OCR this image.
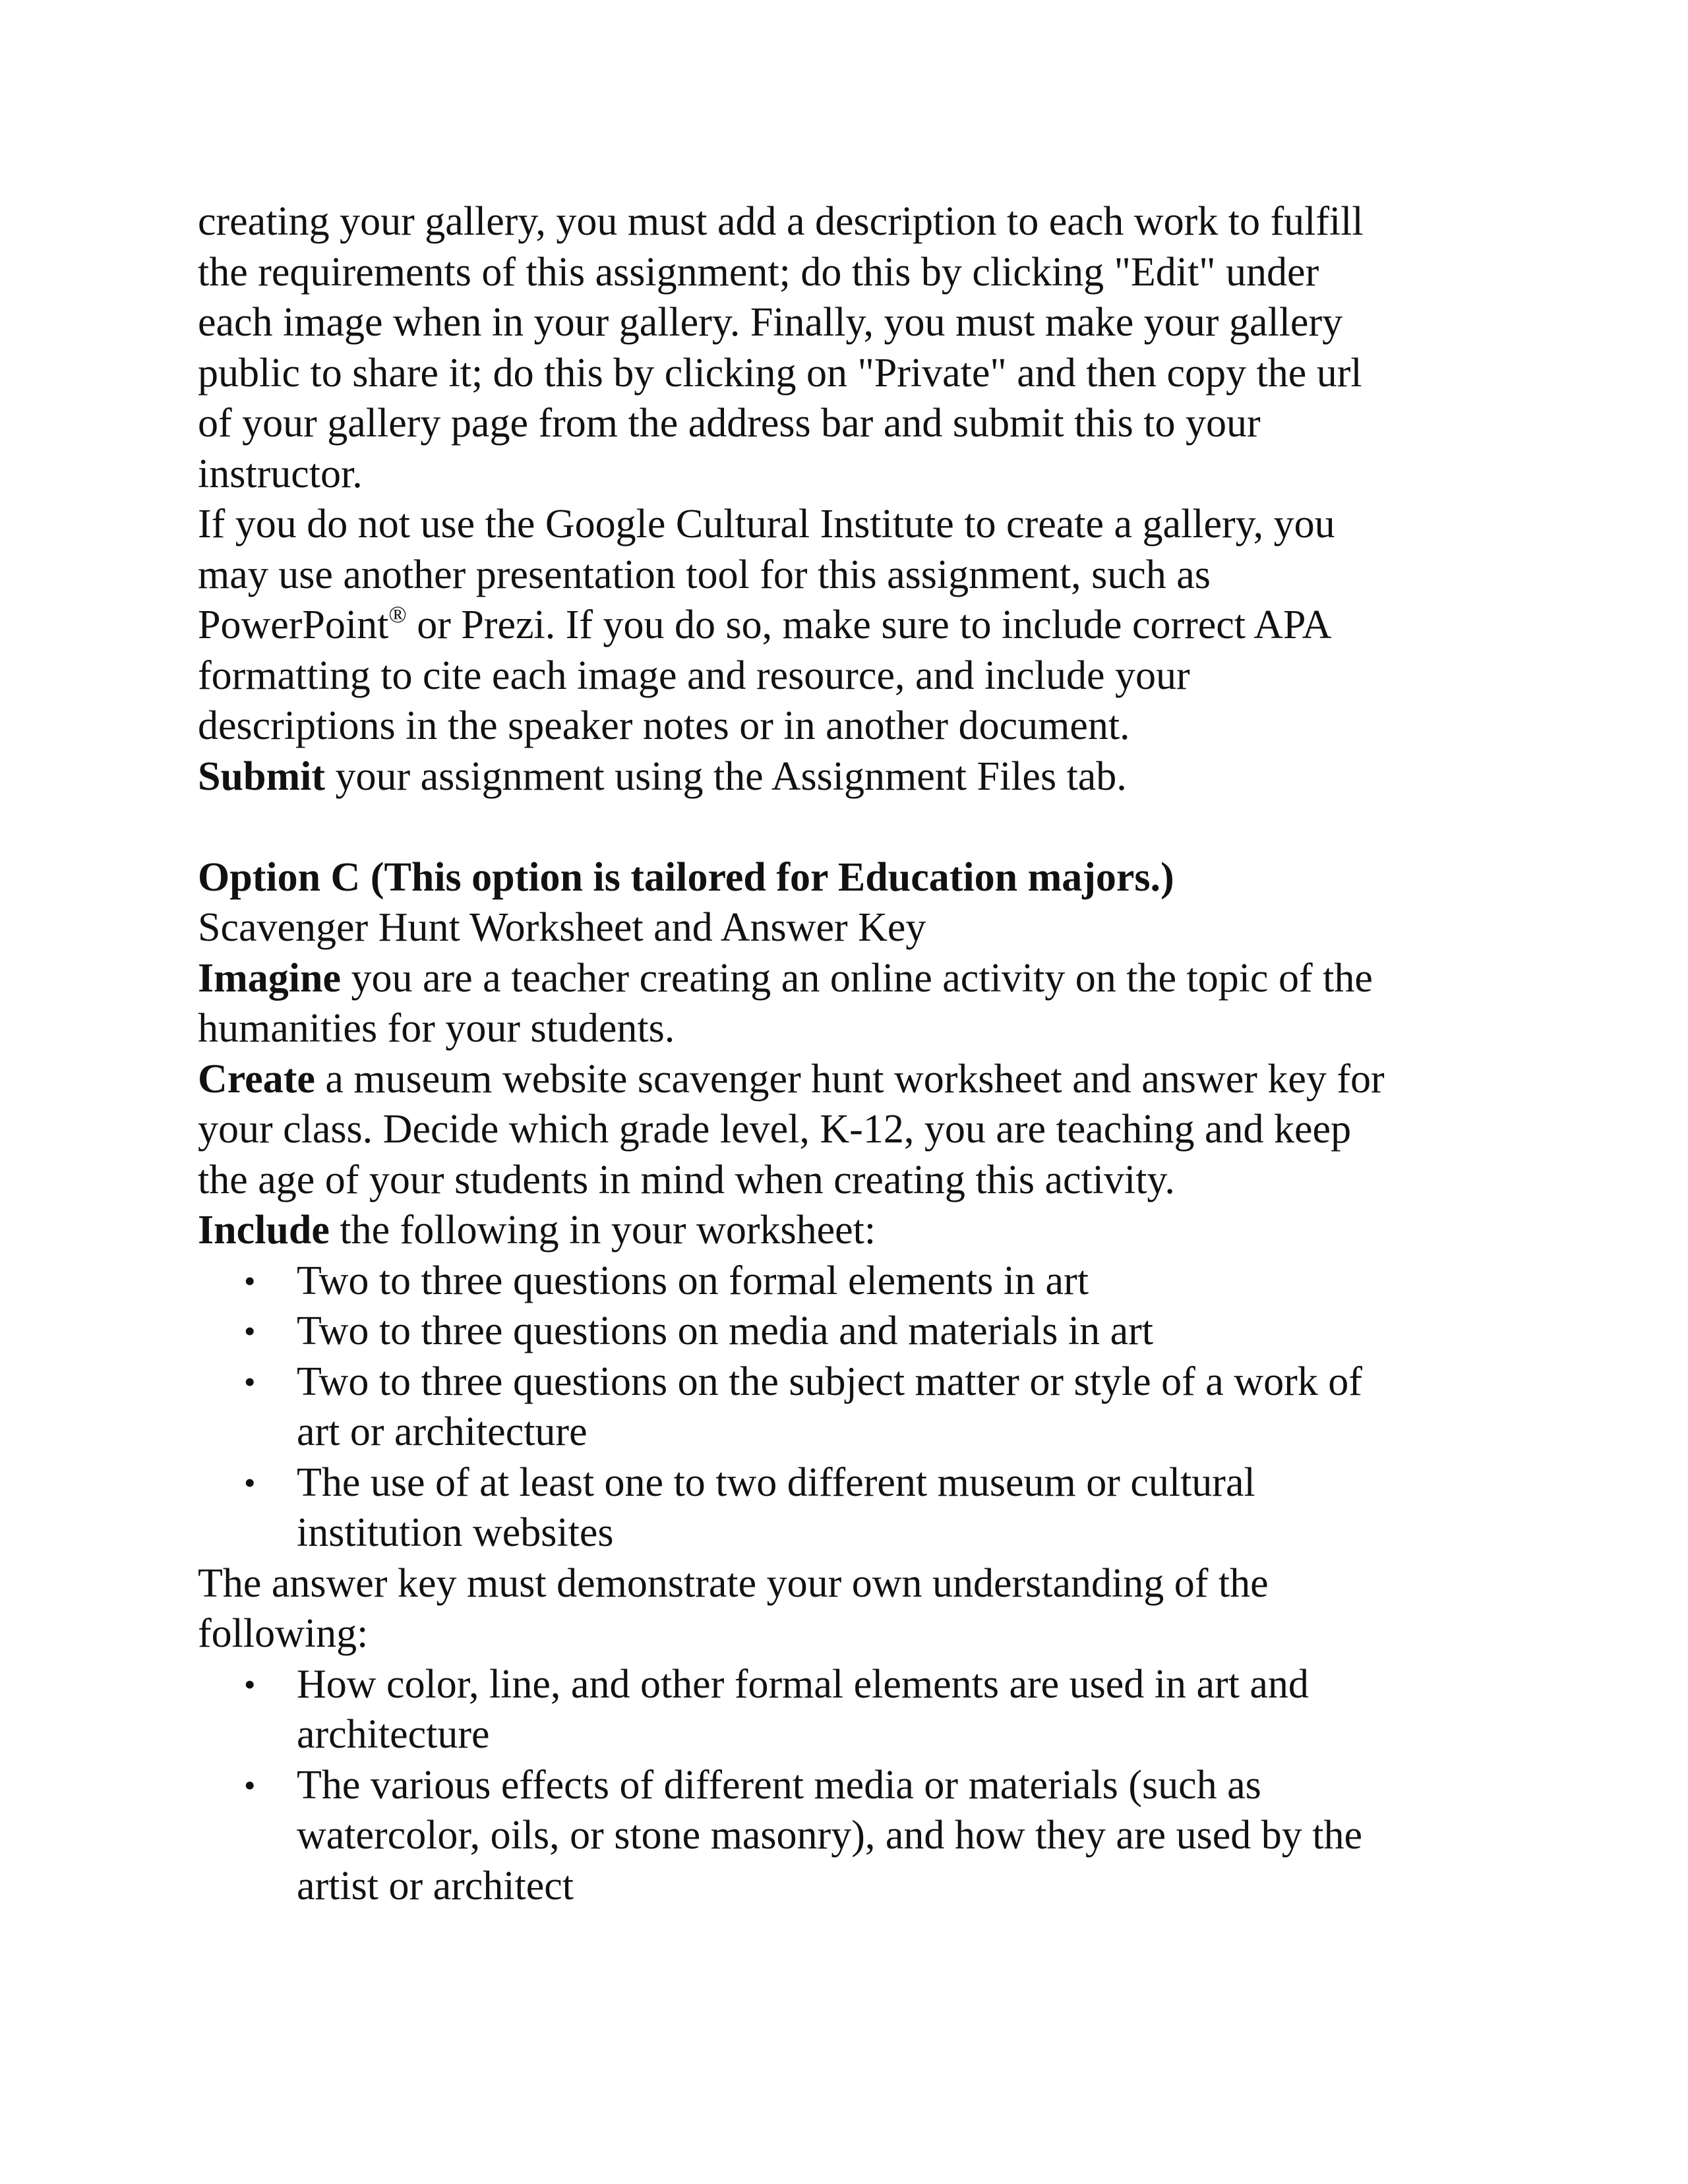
creating your gallery, you must add a description to each work to fulfill
the requirements of this assignment; do this by clicking "Edit" under
each image when in your gallery. Finally, you must make your gallery
public to share it; do this by clicking on "Private" and then copy the url
of your gallery page from the address bar and submit this to your
instructor.

If you do not use the Google Cultural Institute to create a gallery, you
may use another presentation tool for this assignment, such as
PowerPoint® or Prezi. If you do so, make sure to include correct APA
formatting to cite each image and resource, and include your
descriptions in the speaker notes or in another document.

Submit your assignment using the Assignment Files tab.

Option C (This option is tailored for Education majors.)

Scavenger Hunt Worksheet and Answer Key

Imagine you are a teacher creating an online activity on the topic of the
humanities for your students.

Create a museum website scavenger hunt worksheet and answer key for
your class. Decide which grade level, K-12, you are teaching and keep
the age of your students in mind when creating this activity.

Include the following in your worksheet:

• Two to three questions on formal elements in art
• Two to three questions on media and materials in art
• Two to three questions on the subject matter or style of a work of
art or architecture
• The use of at least one to two different museum or cultural
institution websites

The answer key must demonstrate your own understanding of the
following:

• How color, line, and other formal elements are used in art and
architecture
• The various effects of different media or materials (such as
watercolor, oils, or stone masonry), and how they are used by the
artist or architect
